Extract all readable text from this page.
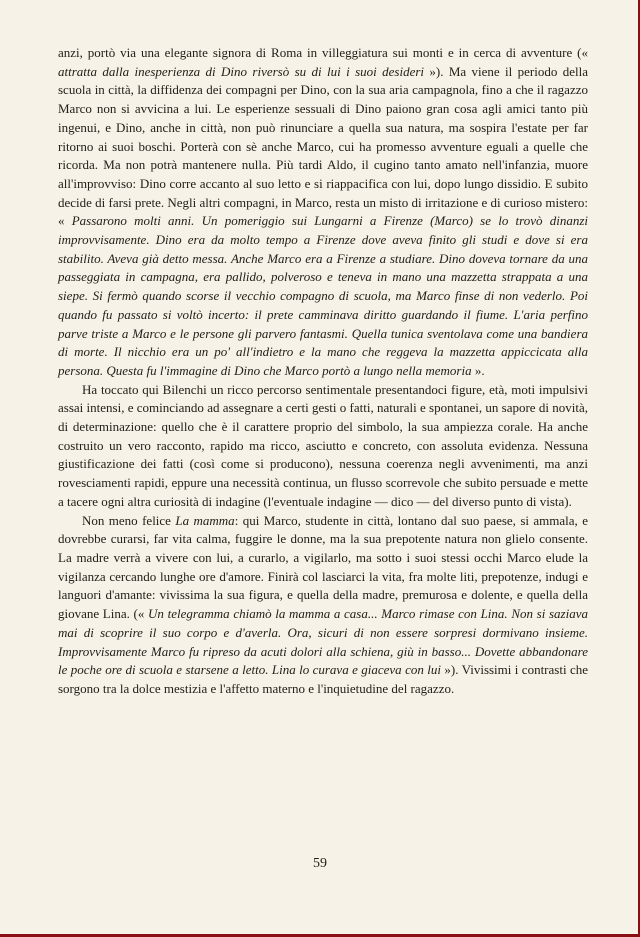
anzi, portò via una elegante signora di Roma in villeggiatura sui monti e in cerca di avventure (« attratta dalla inesperienza di Dino riversò su di lui i suoi desideri »). Ma viene il periodo della scuola in città, la diffidenza dei compagni per Dino, con la sua aria campagnola, fino a che il ragazzo Marco non si avvicina a lui. Le esperienze sessuali di Dino paiono gran cosa agli amici tanto più ingenui, e Dino, anche in città, non può rinunciare a quella sua natura, ma sospira l'estate per far ritorno ai suoi boschi. Porterà con sè anche Marco, cui ha promesso avventure eguali a quelle che ricorda. Ma non potrà mantenere nulla. Più tardi Aldo, il cugino tanto amato nell'infanzia, muore all'improvviso: Dino corre accanto al suo letto e si riappacifica con lui, dopo lungo dissidio. E subito decide di farsi prete. Negli altri compagni, in Marco, resta un misto di irritazione e di curioso mistero: « Passarono molti anni. Un pomeriggio sui Lungarni a Firenze (Marco) se lo trovò dinanzi improvvisamente. Dino era da molto tempo a Firenze dove aveva finito gli studi e dove si era stabilito. Aveva già detto messa. Anche Marco era a Firenze a studiare. Dino doveva tornare da una passeggiata in campagna, era pallido, polveroso e teneva in mano una mazzetta strappata a una siepe. Si fermò quando scorse il vecchio compagno di scuola, ma Marco finse di non vederlo. Poi quando fu passato si voltò incerto: il prete camminava diritto guardando il fiume. L'aria perfino parve triste a Marco e le persone gli parvero fantasmi. Quella tunica sventolava come una bandiera di morte. Il nicchio era un po' all'indietro e la mano che reggeva la mazzetta appiccicata alla persona. Questa fu l'immagine di Dino che Marco portò a lungo nella memoria ».

Ha toccato qui Bilenchi un ricco percorso sentimentale presentandoci figure, età, moti impulsivi assai intensi, e cominciando ad assegnare a certi gesti o fatti, naturali e spontanei, un sapore di novità, di determinazione: quello che è il carattere proprio del simbolo, la sua ampiezza corale. Ha anche costruito un vero racconto, rapido ma ricco, asciutto e concreto, con assoluta evidenza. Nessuna giustificazione dei fatti (così come si producono), nessuna coerenza negli avvenimenti, ma anzi rovesciamenti rapidi, eppure una necessità continua, un flusso scorrevole che subito persuade e mette a tacere ogni altra curiosità di indagine (l'eventuale indagine — dico — del diverso punto di vista).

Non meno felice La mamma: qui Marco, studente in città, lontano dal suo paese, si ammala, e dovrebbe curarsi, far vita calma, fuggire le donne, ma la sua prepotente natura non glielo consente. La madre verrà a vivere con lui, a curarlo, a vigilarlo, ma sotto i suoi stessi occhi Marco elude la vigilanza cercando lunghe ore d'amore. Finirà col lasciarci la vita, fra molte liti, prepotenze, indugi e languori d'amante: vivissima la sua figura, e quella della madre, premurosa e dolente, e quella della giovane Lina. (« Un telegramma chiamò la mamma a casa... Marco rimase con Lina. Non si saziava mai di scoprire il suo corpo e d'averla. Ora, sicuri di non essere sorpresi dormivano insieme. Improvvisamente Marco fu ripreso da acuti dolori alla schiena, giù in basso... Dovette abbandonare le poche ore di scuola e starsene a letto. Lina lo curava e giaceva con lui »). Vivissimi i contrasti che sorgono tra la dolce mestizia e l'affetto materno e l'inquietudine del ragazzo.

59
